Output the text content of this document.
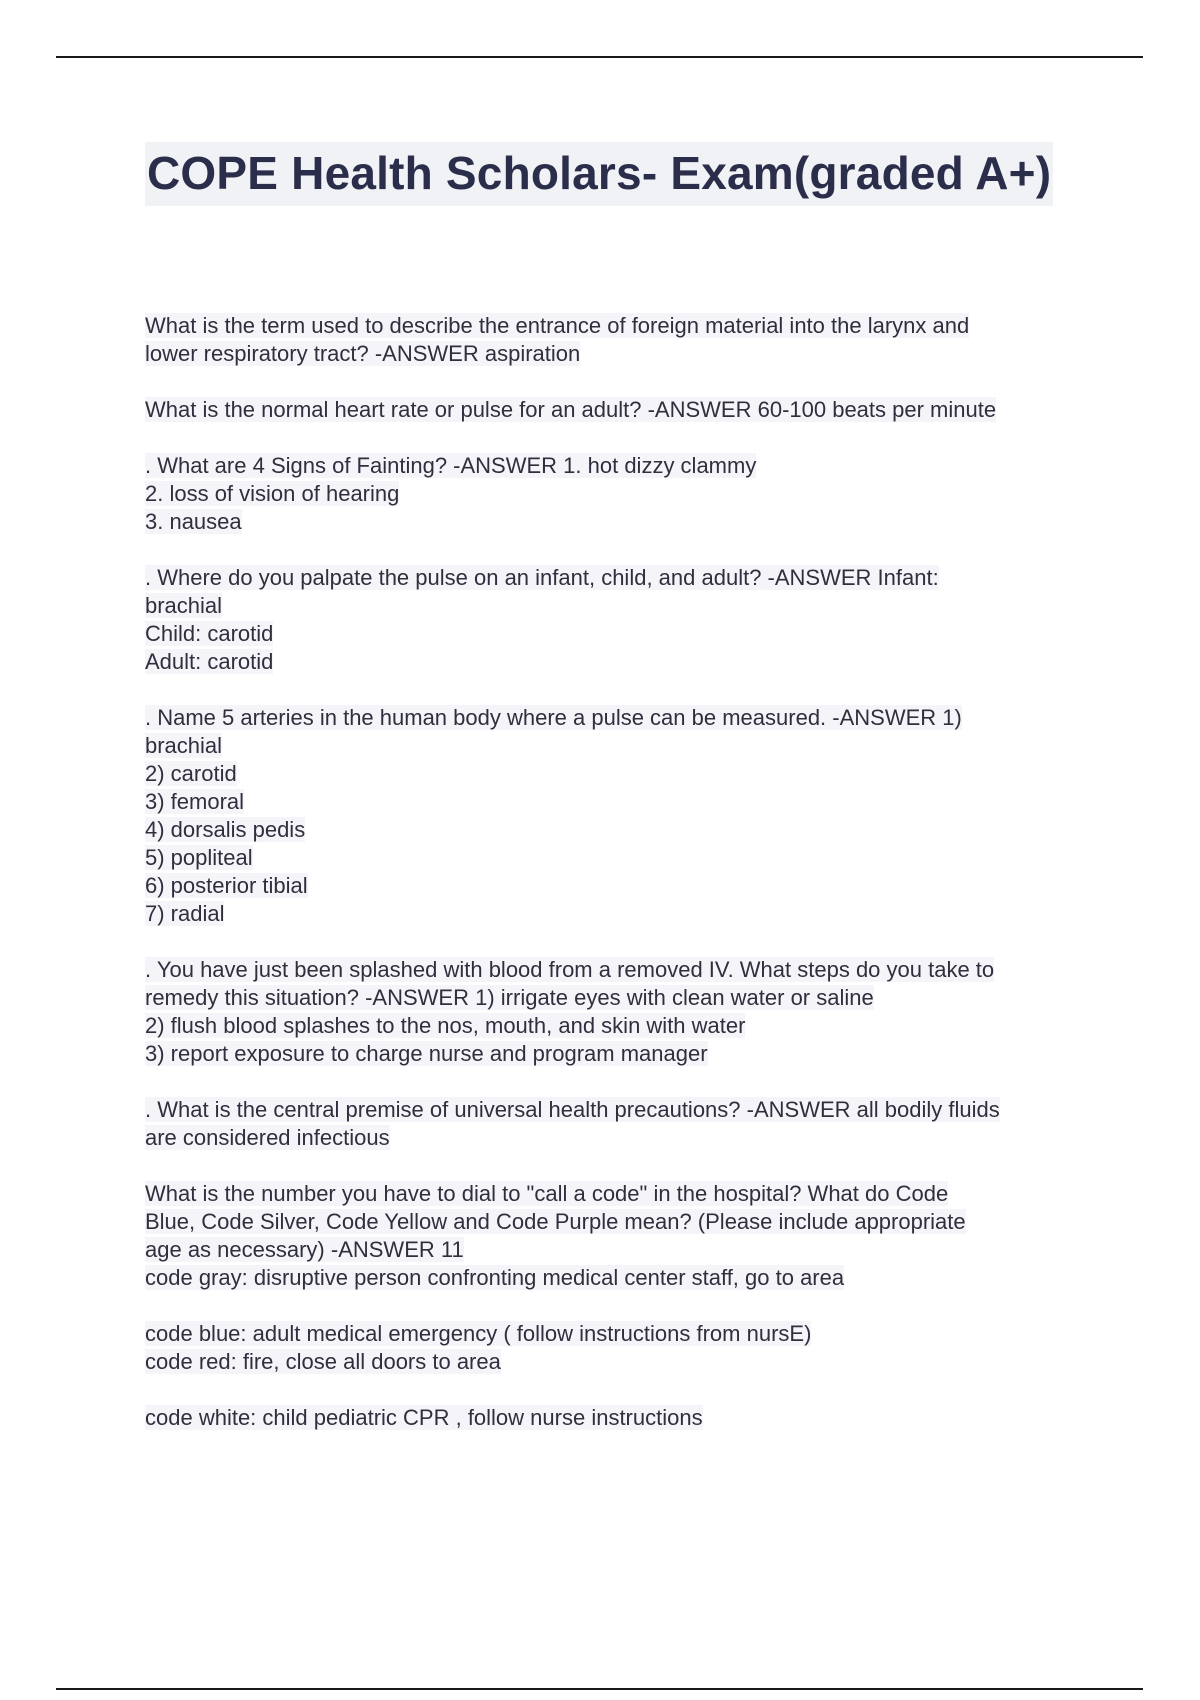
COPE Health Scholars- Exam(graded A+)
What is the term used to describe the entrance of foreign material into the larynx and
lower respiratory tract? -ANSWER aspiration
What is the normal heart rate or pulse for an adult? -ANSWER 60-100 beats per minute
. What are 4 Signs of Fainting? -ANSWER 1. hot dizzy clammy
2. loss of vision of hearing
3. nausea
. Where do you palpate the pulse on an infant, child, and adult? -ANSWER Infant:
brachial
Child: carotid
Adult: carotid
. Name 5 arteries in the human body where a pulse can be measured. -ANSWER 1)
brachial
2) carotid
3) femoral
4) dorsalis pedis
5) popliteal
6) posterior tibial
7) radial
. You have just been splashed with blood from a removed IV. What steps do you take to
remedy this situation? -ANSWER 1) irrigate eyes with clean water or saline
2) flush blood splashes to the nos, mouth, and skin with water
3) report exposure to charge nurse and program manager
. What is the central premise of universal health precautions? -ANSWER all bodily fluids
are considered infectious
What is the number you have to dial to "call a code" in the hospital? What do Code
Blue, Code Silver, Code Yellow and Code Purple mean? (Please include appropriate
age as necessary) -ANSWER 11
code gray: disruptive person confronting medical center staff, go to area
code blue: adult medical emergency ( follow instructions from nursE)
code red: fire, close all doors to area
code white: child pediatric CPR , follow nurse instructions
